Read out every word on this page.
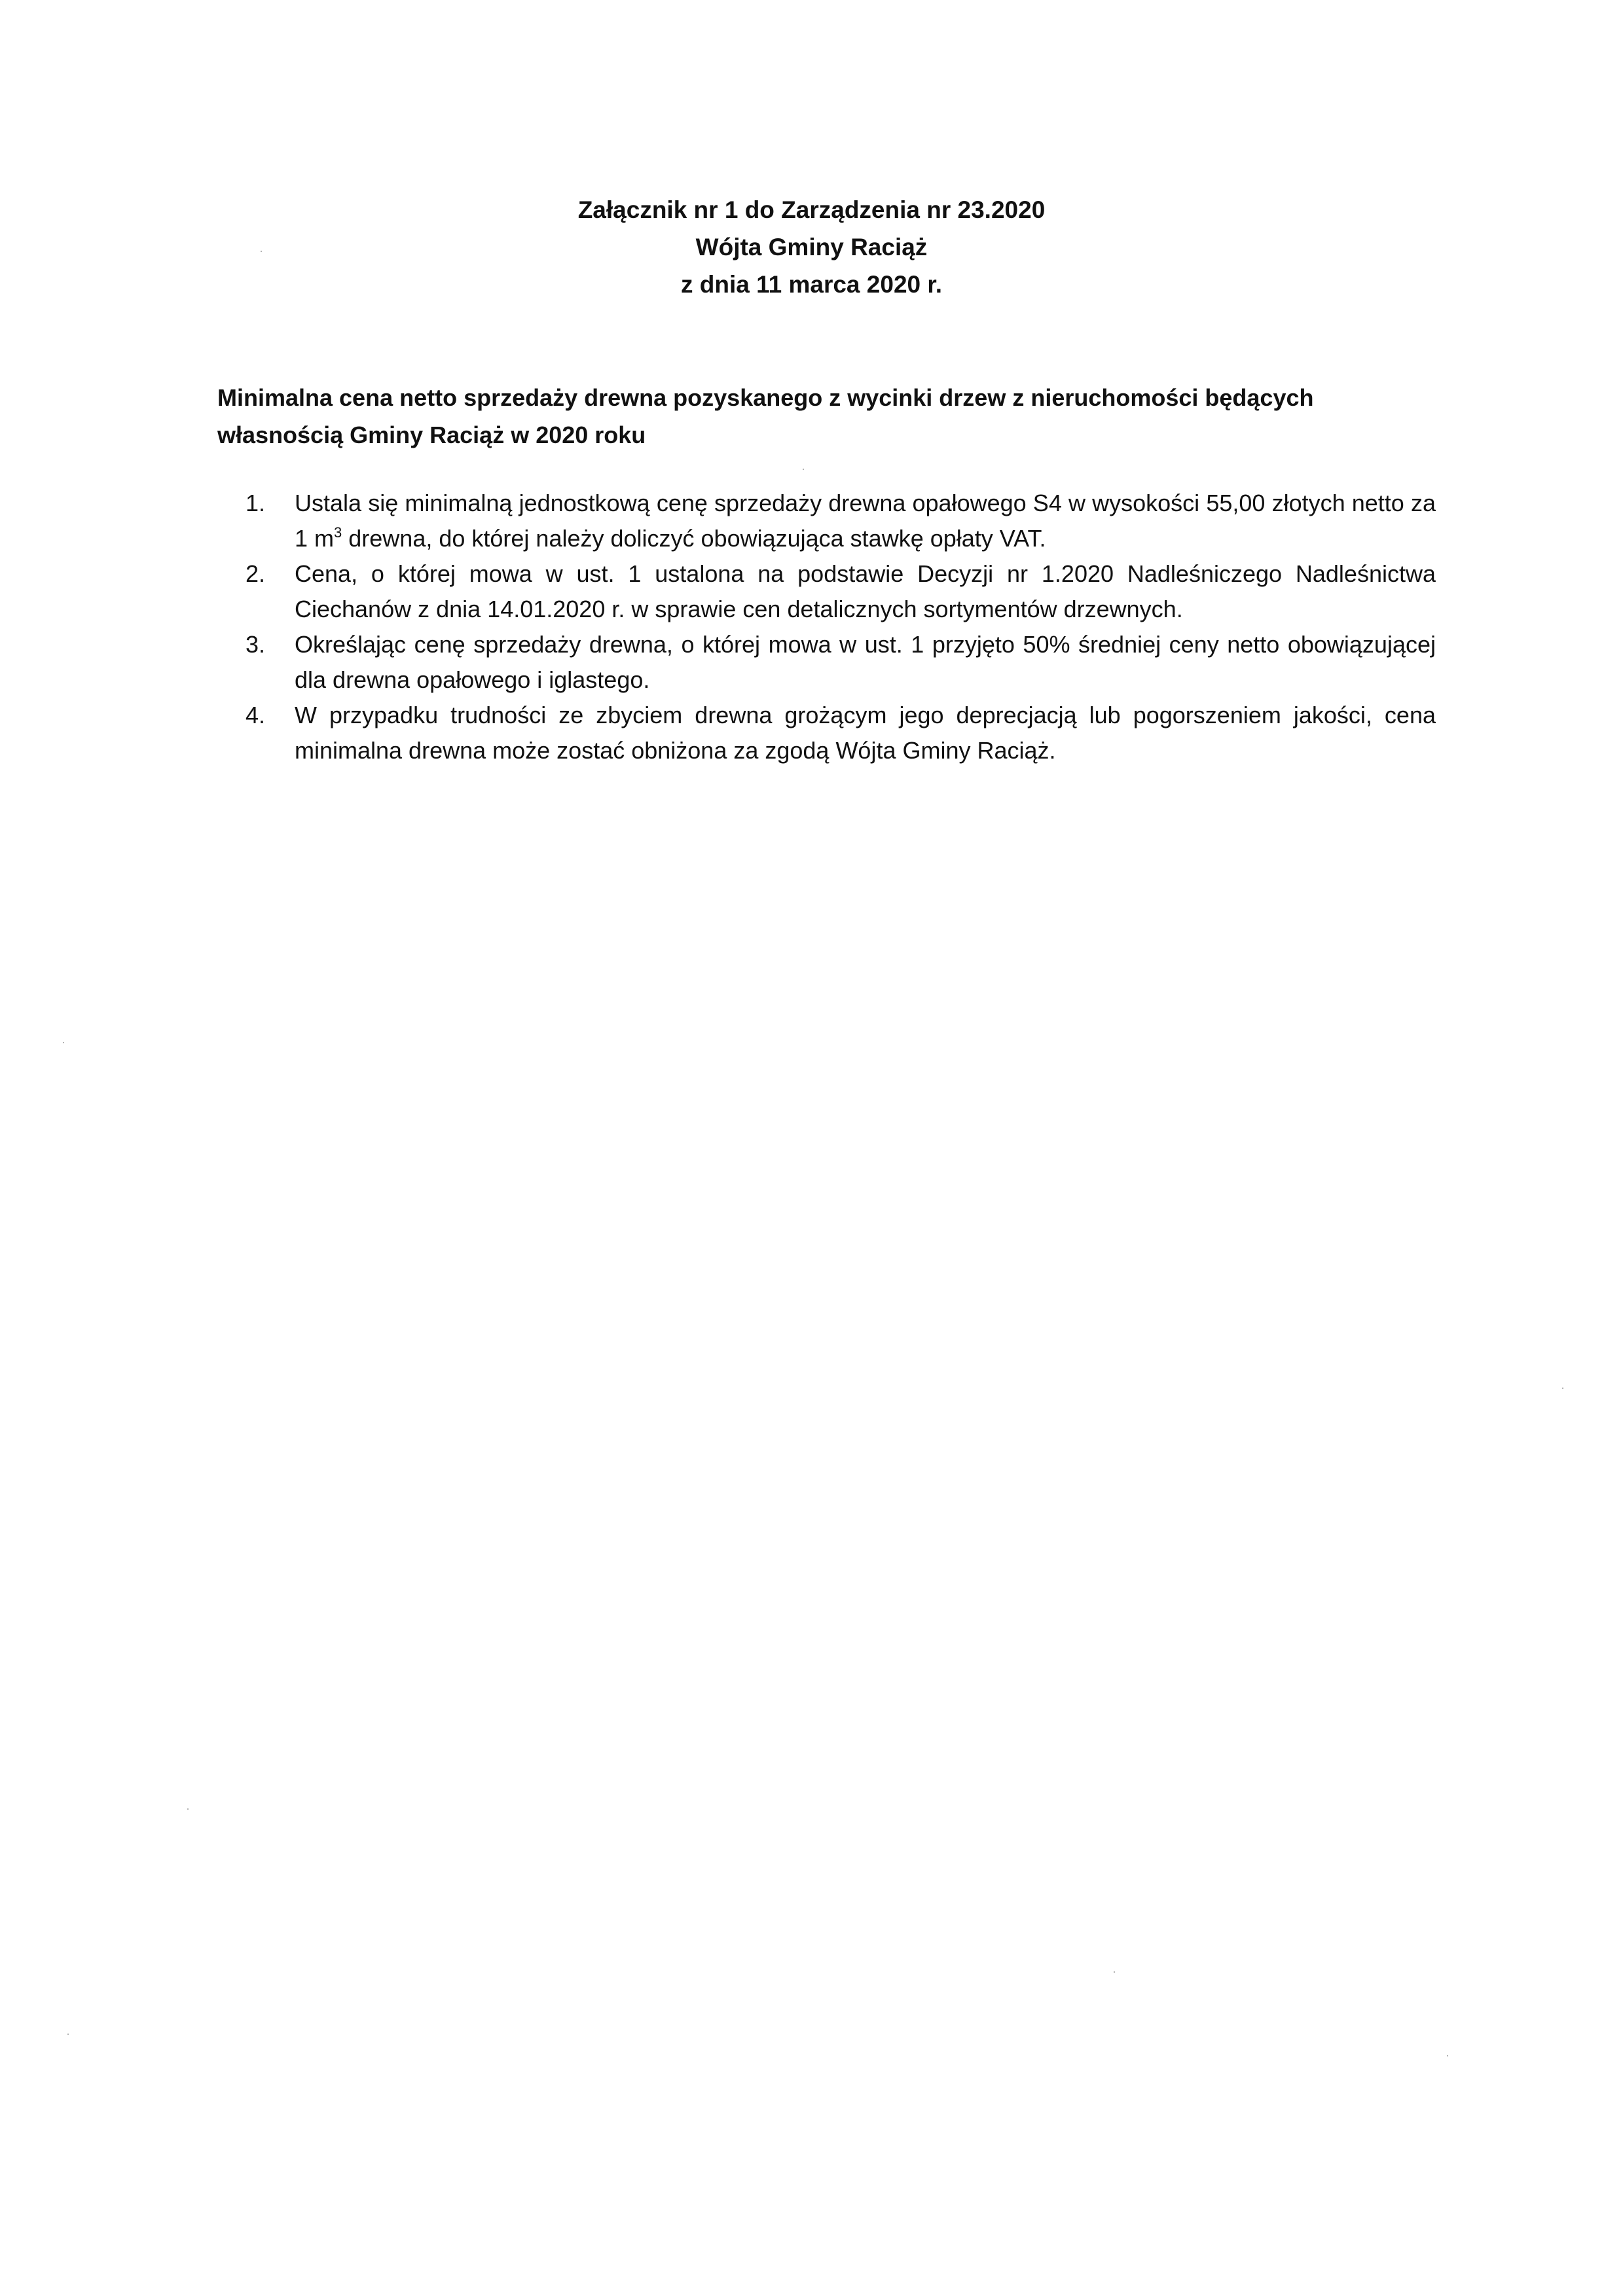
Załącznik nr 1 do Zarządzenia nr 23.2020
Wójta Gminy Raciąż
z dnia 11 marca 2020 r.
Minimalna cena netto sprzedaży drewna pozyskanego z wycinki drzew z nieruchomości będących własnością Gminy Raciąż w 2020 roku
1.	Ustala się minimalną jednostkową cenę sprzedaży drewna opałowego S4 w wysokości 55,00 złotych netto za 1 $m^3$ drewna, do której należy doliczyć obowiązująca stawkę opłaty VAT.
2.	Cena, o której mowa w ust. 1 ustalona na podstawie Decyzji nr 1.2020 Nadleśniczego Nadleśnictwa Ciechanów z dnia 14.01.2020 r. w sprawie cen detalicznych sortymentów drzewnych.
3.	Określając cenę sprzedaży drewna, o której mowa w ust. 1 przyjęto 50% średniej ceny netto obowiązującej dla drewna opałowego i iglastego.
4.	W przypadku trudności ze zbyciem drewna grożącym jego deprecjacją lub pogorszeniem jakości, cena minimalna drewna może zostać obniżona za zgodą Wójta Gminy Raciąż.
